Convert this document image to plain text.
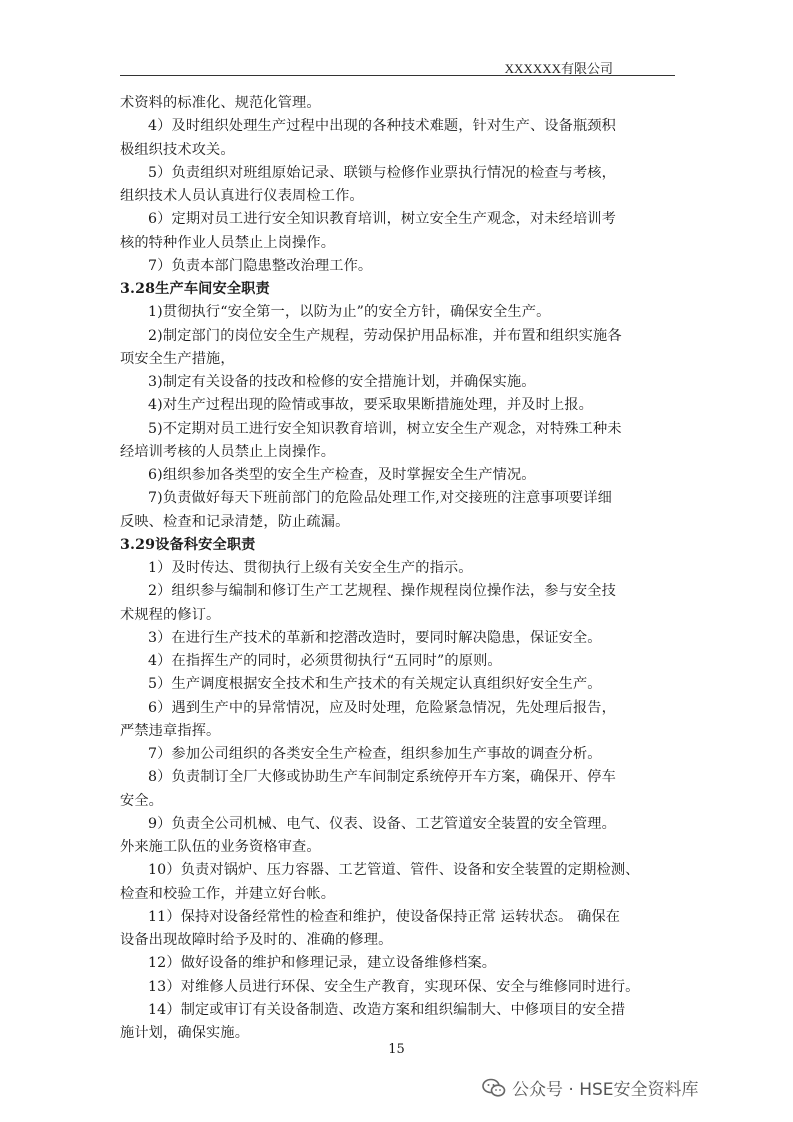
XXXXXX有限公司
术资料的标准化、规范化管理。
4）及时组织处理生产过程中出现的各种技术难题，针对生产、设备瓶颈积
极组织技术攻关。
5）负责组织对班组原始记录、联锁与检修作业票执行情况的检查与考核，
组织技术人员认真进行仪表周检工作。
6）定期对员工进行安全知识教育培训，树立安全生产观念，对未经培训考
核的特种作业人员禁止上岗操作。
7）负责本部门隐患整改治理工作。
3.28生产车间安全职责
1)贯彻执行“安全第一，以防为止”的安全方针，确保安全生产。
2)制定部门的岗位安全生产规程，劳动保护用品标准，并布置和组织实施各
项安全生产措施，
3)制定有关设备的技改和检修的安全措施计划，并确保实施。
4)对生产过程出现的险情或事故，要采取果断措施处理，并及时上报。
5)不定期对员工进行安全知识教育培训，树立安全生产观念，对特殊工种未
经培训考核的人员禁止上岗操作。
6)组织参加各类型的安全生产检查，及时掌握安全生产情况。
7)负责做好每天下班前部门的危险品处理工作,对交接班的注意事项要详细
反映、检查和记录清楚，防止疏漏。
3.29设备科安全职责
1）及时传达、贯彻执行上级有关安全生产的指示。
2）组织参与编制和修订生产工艺规程、操作规程岗位操作法，参与安全技
术规程的修订。
3）在进行生产技术的革新和挖潜改造时，要同时解决隐患，保证安全。
4）在指挥生产的同时，必须贯彻执行“五同时”的原则。
5）生产调度根据安全技术和生产技术的有关规定认真组织好安全生产。
6）遇到生产中的异常情况，应及时处理，危险紧急情况，先处理后报告，
严禁违章指挥。
7）参加公司组织的各类安全生产检查，组织参加生产事故的调查分析。
8）负责制订全厂大修或协助生产车间制定系统停开车方案，确保开、停车
安全。
9）负责全公司机械、电气、仪表、设备、工艺管道安全装置的安全管理。
外来施工队伍的业务资格审查。
10）负责对锅炉、压力容器、工艺管道、管件、设备和安全装置的定期检测、
检查和校验工作，并建立好台帐。
11）保持对设备经常性的检查和维护，使设备保持正常 运转状态。 确保在
设备出现故障时给予及时的、准确的修理。
12）做好设备的维护和修理记录，建立设备维修档案。
13）对维修人员进行环保、安全生产教育，实现环保、安全与维修同时进行。
14）制定或审订有关设备制造、改造方案和组织编制大、中修项目的安全措
施计划，确保实施。
15
公众号 · HSE安全资料库
